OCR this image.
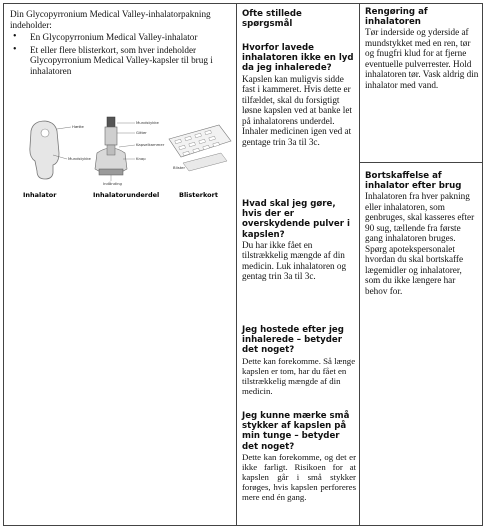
Din Glycopyrronium Medical Valley-inhalatorpakning indeholder:
• En Glycopyrronium Medical Valley-inhalator
• Et eller flere blisterkort, som hver indeholder Glycopyrronium Medical Valley-kapsler til brug i inhalatoren
Hætte
Mundstykke
Mundstykke
Gitter
Kapselkammer
Knap
Indånding
Blister
Inhalator	Inhalatorunderdel	Blisterkort
Ofte stillede spørgsmål
Hvorfor lavede inhalatoren ikke en lyd da jeg inhalerede?
Kapslen kan muligvis sidde fast i kammeret. Hvis dette er tilfældet, skal du forsigtigt løsne kapslen ved at banke let på inhalatorens underdel. Inhaler medicinen igen ved at gentage trin 3a til 3c.
Hvad skal jeg gøre, hvis der er overskydende pulver i kapslen?
Du har ikke fået en tilstrækkelig mængde af din medicin. Luk inhalatoren og gentag trin 3a til 3c.
Jeg hostede efter jeg inhalerede – betyder det noget?
Dette kan forekomme. Så længe kapslen er tom, har du fået en tilstrækkelig mængde af din medicin.
Jeg kunne mærke små stykker af kapslen på min tunge – betyder det noget?
Dette kan forekomme, og det er ikke farligt. Risikoen for at kapslen går i små stykker forøges, hvis kapslen perforeres mere end én gang.
Rengøring af inhalatoren
Tør inderside og yderside af mundstykket med en ren, tør og fnugfri klud for at fjerne eventuelle pulverrester. Hold inhalatoren tør. Vask aldrig din inhalator med vand.
Bortskaffelse af inhalator efter brug
Inhalatoren fra hver pakning eller inhalatoren, som genbruges, skal kasseres efter 90 sug, tællende fra første gang inhalatoren bruges. Spørg apotekspersonalet hvordan du skal bortskaffe lægemidler og inhalatorer, som du ikke længere har behov for.
